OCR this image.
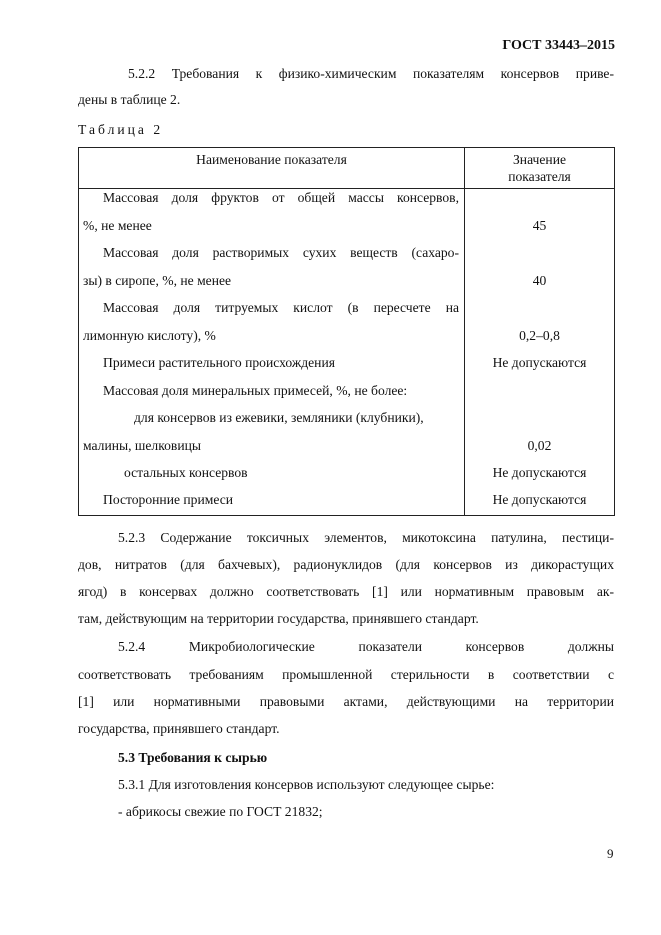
ГОСТ 33443–2015
5.2.2 Требования к физико-химическим показателям консервов приве-
дены в таблице 2.
Таблица 2
Наименование показателя	Значение
показателя
Массовая доля фруктов от общей массы консервов,
%, не менее	45
Массовая доля растворимых сухих веществ (сахаро-
зы) в сиропе, %, не менее	40
Массовая доля титруемых кислот (в пересчете на
лимонную кислоту), %	0,2–0,8
Примеси растительного происхождения	Не допускаются
Массовая доля минеральных примесей, %, не более:
для консервов из ежевики, земляники (клубники),
малины, шелковицы	0,02
остальных консервов	Не допускаются
Посторонние примеси	Не допускаются
5.2.3 Содержание токсичных элементов, микотоксина патулина, пестици-
дов, нитратов (для бахчевых), радионуклидов (для консервов из дикорастущих
ягод) в консервах должно соответствовать [1] или нормативным правовым ак-
там, действующим на территории государства, принявшего стандарт.
5.2.4 Микробиологические показатели консервов должны
соответствовать требованиям промышленной стерильности в соответствии с
[1] или нормативными правовыми актами, действующими на территории
государства, принявшего стандарт.
5.3 Требования к сырью
5.3.1 Для изготовления консервов используют следующее сырье:
- абрикосы свежие по ГОСТ 21832;
9
